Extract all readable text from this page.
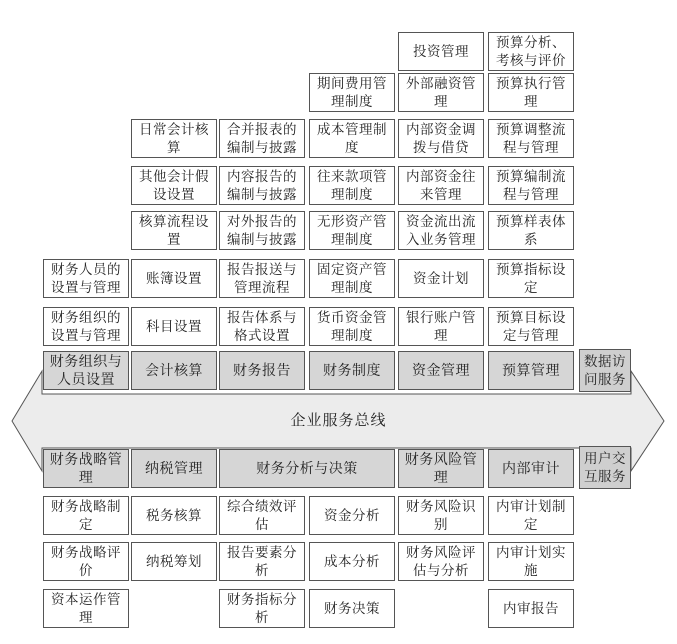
企业服务总线
数据访问服务
用户交互服务
财务组织与人员设置
财务组织的设置与管理
财务人员的设置与管理
会计核算
科目设置
账簿设置
核算流程设置
其他会计假设设置
日常会计核算
财务报告
报告体系与格式设置
报告报送与管理流程
对外报告的编制与披露
内容报告的编制与披露
合并报表的编制与披露
财务制度
货币资金管理制度
固定资产管理制度
无形资产管理制度
往来款项管理制度
成本管理制度
期间费用管理制度
资金管理
银行账户管理
资金计划
资金流出流入业务管理
内部资金往来管理
内部资金调拨与借贷
外部融资管理
投资管理
预算管理
预算目标设定与管理
预算指标设定
预算样表体系
预算编制流程与管理
预算调整流程与管理
预算执行管理
预算分析、考核与评价
财务战略管理
财务战略制定
财务战略评价
资本运作管理
纳税管理
税务核算
纳税筹划
财务分析与决策
综合绩效评估
报告要素分析
财务指标分析
资金分析
成本分析
财务决策
财务风险管理
财务风险识别
财务风险评估与分析
内部审计
内审计划制定
内审计划实施
内审报告
